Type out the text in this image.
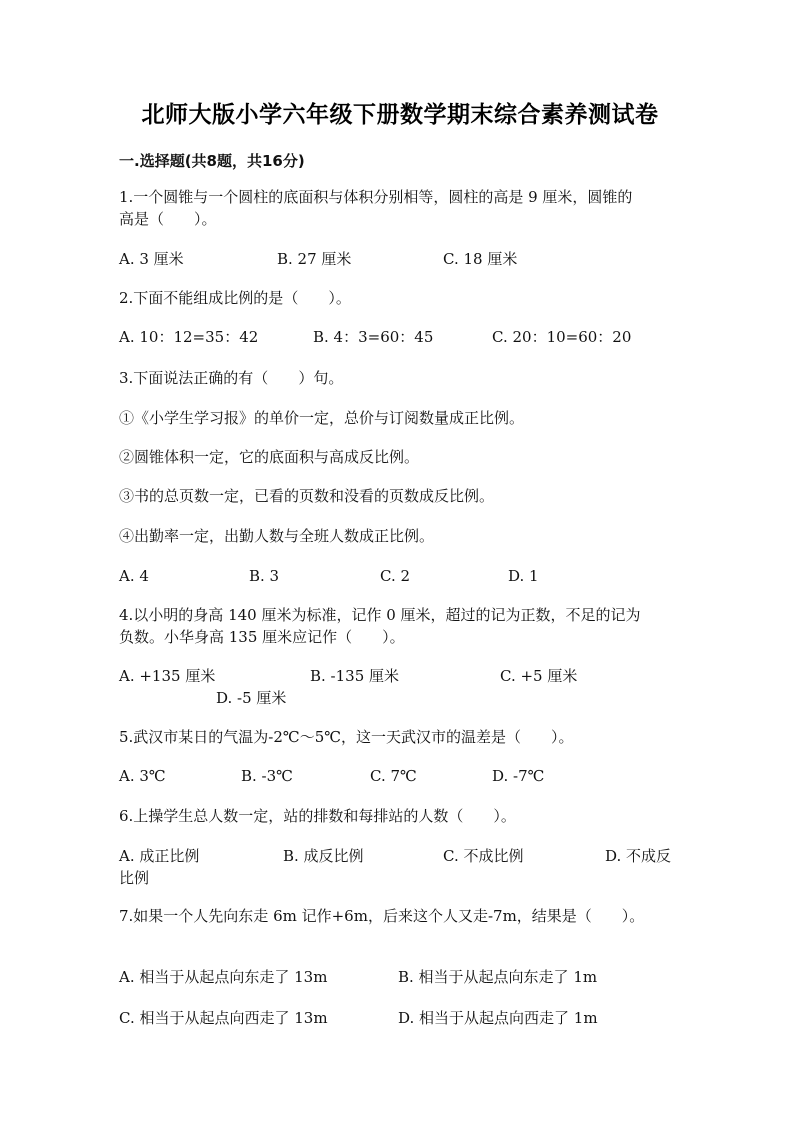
北师大版小学六年级下册数学期末综合素养测试卷
一.选择题(共8题，共16分)
1.一个圆锥与一个圆柱的底面积与体积分别相等，圆柱的高是 9 厘米，圆锥的
高是（　　）。
A. 3 厘米	B. 27 厘米	C. 18 厘米
2.下面不能组成比例的是（　　）。
A. 10：12=35：42	B. 4：3=60：45	C. 20：10=60：20
3.下面说法正确的有（　　）句。
①《小学生学习报》的单价一定，总价与订阅数量成正比例。
②圆锥体积一定，它的底面积与高成反比例。
③书的总页数一定，已看的页数和没看的页数成反比例。
④出勤率一定，出勤人数与全班人数成正比例。
A. 4	B. 3	C. 2	D. 1
4.以小明的身高 140 厘米为标准，记作 0 厘米，超过的记为正数，不足的记为
负数。小华身高 135 厘米应记作（　　）。
A. +135 厘米	B. -135 厘米	C. +5 厘米
D. -5 厘米
5.武汉市某日的气温为-2℃～5℃，这一天武汉市的温差是（　　）。
A. 3℃	B. -3℃	C. 7℃	D. -7℃
6.上操学生总人数一定，站的排数和每排站的人数（　　）。
A. 成正比例	B. 成反比例	C. 不成比例	D. 不成反
比例
7.如果一个人先向东走 6m 记作+6m，后来这个人又走-7m，结果是（　　）。
A. 相当于从起点向东走了 13m	B. 相当于从起点向东走了 1m
C. 相当于从起点向西走了 13m	D. 相当于从起点向西走了 1m
